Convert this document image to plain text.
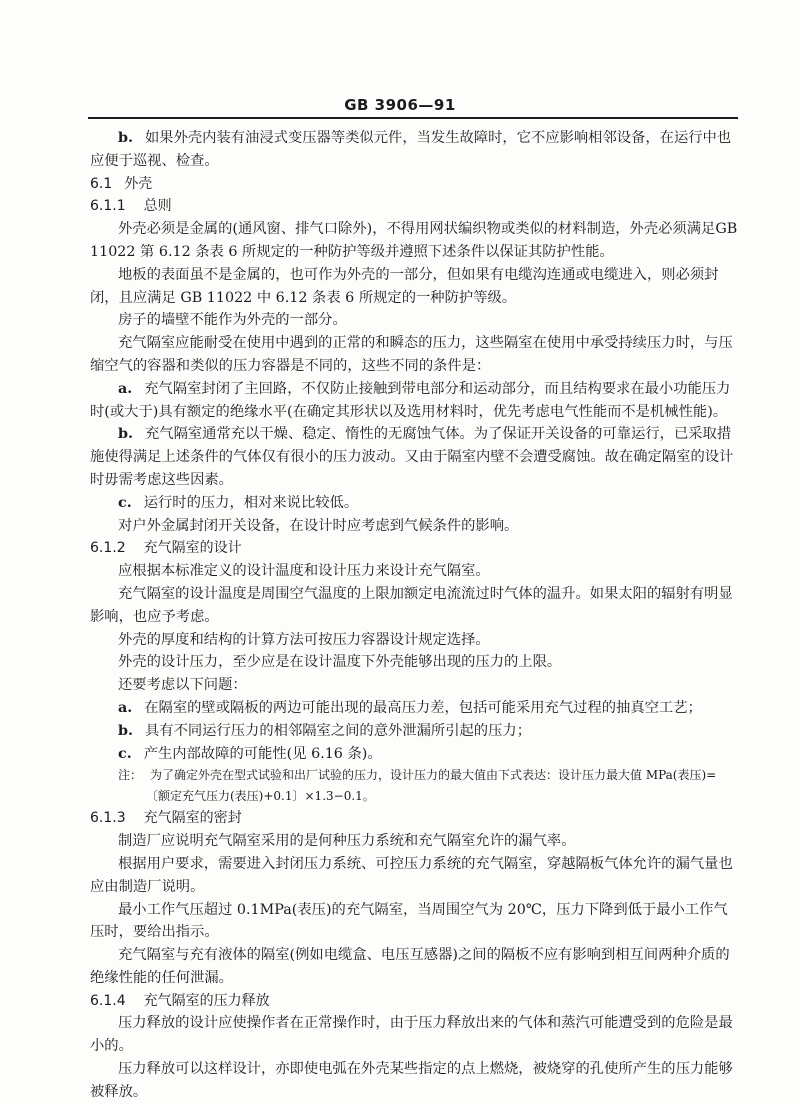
GB 3906—91

b. 如果外壳内装有油浸式变压器等类似元件，当发生故障时，它不应影响相邻设备，在运行中也应便于巡视、检查。

6.1 外壳

6.1.1 总则

外壳必须是金属的(通风窗、排气口除外)，不得用网状编织物或类似的材料制造，外壳必须满足GB 11022 第 6.12 条表 6 所规定的一种防护等级并遵照下述条件以保证其防护性能。

地板的表面虽不是金属的，也可作为外壳的一部分，但如果有电缆沟连通或电缆进入，则必须封闭，且应满足 GB 11022 中 6.12 条表 6 所规定的一种防护等级。

房子的墙壁不能作为外壳的一部分。

充气隔室应能耐受在使用中遇到的正常的和瞬态的压力，这些隔室在使用中承受持续压力时，与压缩空气的容器和类似的压力容器是不同的，这些不同的条件是：

a. 充气隔室封闭了主回路，不仅防止接触到带电部分和运动部分，而且结构要求在最小功能压力时(或大于)具有额定的绝缘水平(在确定其形状以及选用材料时，优先考虑电气性能而不是机械性能)。

b. 充气隔室通常充以干燥、稳定、惰性的无腐蚀气体。为了保证开关设备的可靠运行，已采取措施使得满足上述条件的气体仅有很小的压力波动。又由于隔室内壁不会遭受腐蚀。故在确定隔室的设计时毋需考虑这些因素。

c. 运行时的压力，相对来说比较低。

对户外金属封闭开关设备，在设计时应考虑到气候条件的影响。

6.1.2 充气隔室的设计

应根据本标准定义的设计温度和设计压力来设计充气隔室。

充气隔室的设计温度是周围空气温度的上限加额定电流流过时气体的温升。如果太阳的辐射有明显影响，也应予考虑。

外壳的厚度和结构的计算方法可按压力容器设计规定选择。

外壳的设计压力，至少应是在设计温度下外壳能够出现的压力的上限。

还要考虑以下问题：

a. 在隔室的壁或隔板的两边可能出现的最高压力差，包括可能采用充气过程的抽真空工艺；

b. 具有不同运行压力的相邻隔室之间的意外泄漏所引起的压力；

c. 产生内部故障的可能性(见 6.16 条)。

注： 为了确定外壳在型式试验和出厂试验的压力，设计压力的最大值由下式表达：设计压力最大值 MPa(表压)=

〔额定充气压力(表压)+0.1〕×1.3−0.1。

6.1.3 充气隔室的密封

制造厂应说明充气隔室采用的是何种压力系统和充气隔室允许的漏气率。

根据用户要求，需要进入封闭压力系统、可控压力系统的充气隔室，穿越隔板气体允许的漏气量也应由制造厂说明。

最小工作气压超过 0.1MPa(表压)的充气隔室，当周围空气为 20℃，压力下降到低于最小工作气压时，要给出指示。

充气隔室与充有液体的隔室(例如电缆盒、电压互感器)之间的隔板不应有影响到相互间两种介质的绝缘性能的任何泄漏。

6.1.4 充气隔室的压力释放

压力释放的设计应使操作者在正常操作时，由于压力释放出来的气体和蒸汽可能遭受到的危险是最小的。

压力释放可以这样设计，亦即使电弧在外壳某些指定的点上燃烧，被烧穿的孔使所产生的压力能够被释放。
